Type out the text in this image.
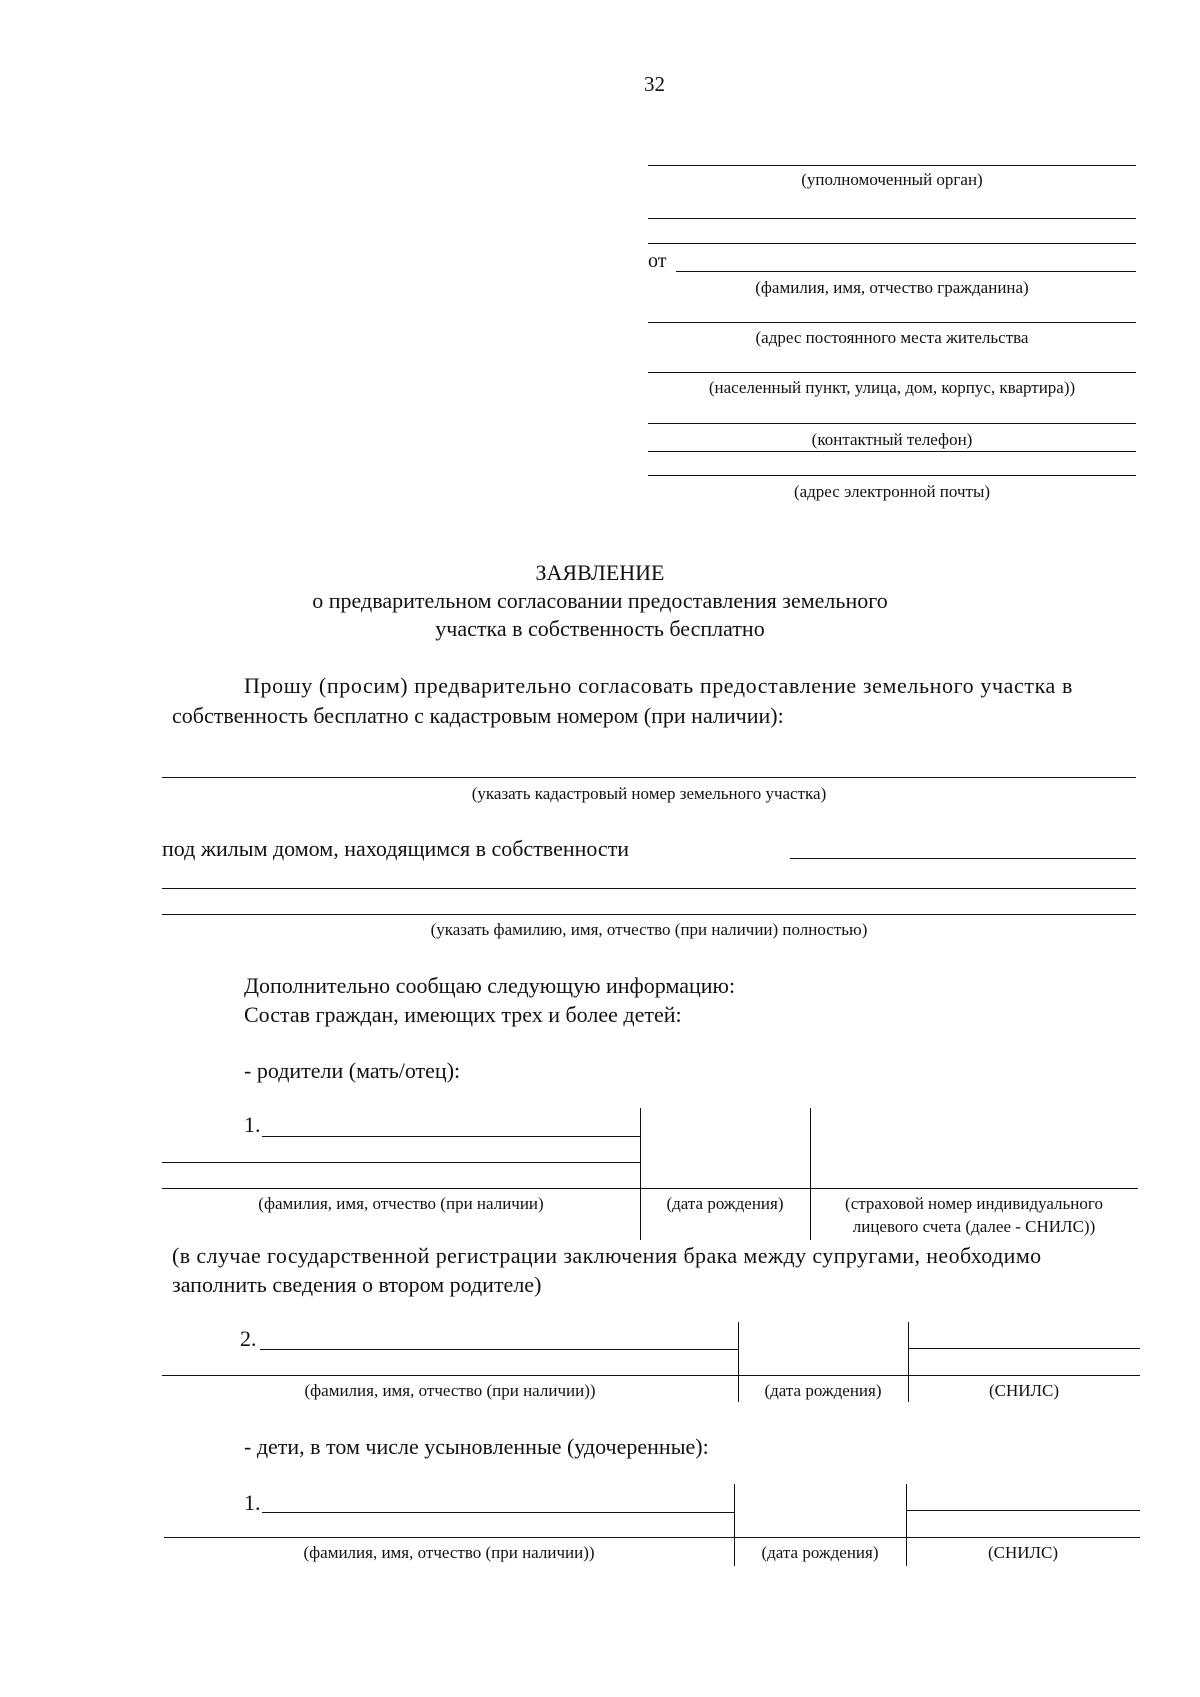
32
(уполномоченный орган)
от
(фамилия, имя, отчество гражданина)
(адрес постоянного места жительства
(населенный пункт, улица, дом, корпус, квартира))
(контактный телефон)
(адрес электронной почты)
ЗАЯВЛЕНИЕ
о предварительном согласовании предоставления земельного
участка в собственность бесплатно
Прошу (просим) предварительно согласовать предоставление земельного участка в
собственность бесплатно с кадастровым номером (при наличии):
(указать кадастровый номер земельного участка)
под жилым домом, находящимся в собственности
(указать фамилию, имя, отчество (при наличии) полностью)
Дополнительно сообщаю следующую информацию:
Состав граждан, имеющих трех и более детей:
- родители (мать/отец):
1.
(фамилия, имя, отчество (при наличии)	(дата рождения)	(страховой номер индивидуального
лицевого счета (далее - СНИЛС))
(в случае государственной регистрации заключения брака между супругами, необходимо
заполнить сведения о втором родителе)
2.
(фамилия, имя, отчество (при наличии))	(дата рождения)	(СНИЛС)
- дети, в том числе усыновленные (удочеренные):
1.
(фамилия, имя, отчество (при наличии))	(дата рождения)	(СНИЛС)
